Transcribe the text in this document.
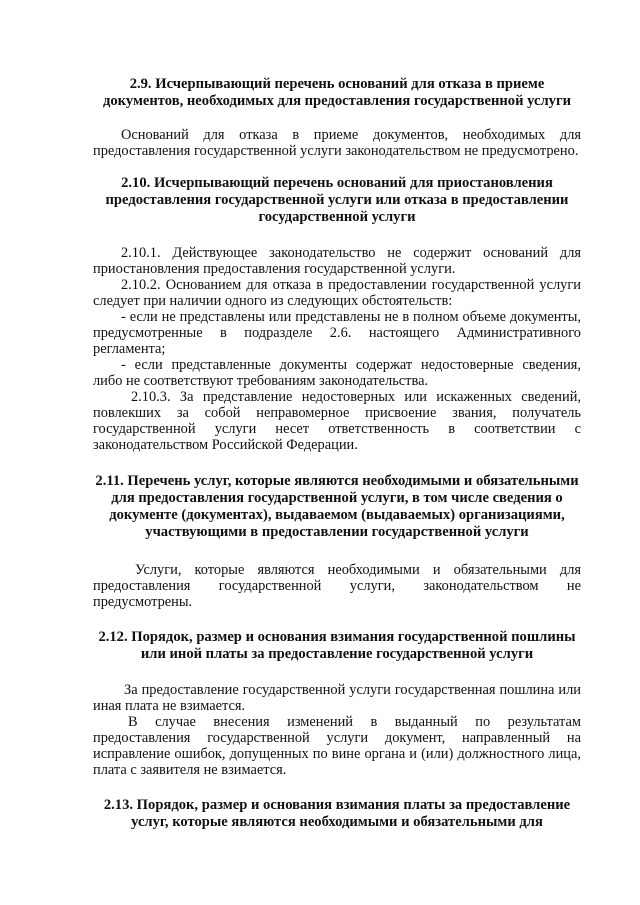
2.9. Исчерпывающий перечень оснований для отказа в приеме документов, необходимых для предоставления государственной услуги

Оснований для отказа в приеме документов, необходимых для предоставления государственной услуги законодательством не предусмотрено.

2.10. Исчерпывающий перечень оснований для приостановления предоставления государственной услуги или отказа в предоставлении государственной услуги

2.10.1. Действующее законодательство не содержит оснований для приостановления предоставления государственной услуги.

2.10.2. Основанием для отказа в предоставлении государственной услуги следует при наличии одного из следующих обстоятельств:

- если не представлены или представлены не в полном объеме документы, предусмотренные в подразделе 2.6. настоящего Административного регламента;

- если представленные документы содержат недостоверные сведения, либо не соответствуют требованиям законодательства.

2.10.3. За представление недостоверных или искаженных сведений, повлекших за собой неправомерное присвоение звания, получатель государственной услуги несет ответственность в соответствии с законодательством Российской Федерации.

2.11. Перечень услуг, которые являются необходимыми и обязательными для предоставления государственной услуги, в том числе сведения о документе (документах), выдаваемом (выдаваемых) организациями, участвующими в предоставлении государственной услуги

Услуги, которые являются необходимыми и обязательными для предоставления государственной услуги, законодательством не предусмотрены.

2.12. Порядок, размер и основания взимания государственной пошлины или иной платы за предоставление государственной услуги

За предоставление государственной услуги государственная пошлина или иная плата не взимается.

В случае внесения изменений в выданный по результатам предоставления государственной услуги документ, направленный на исправление ошибок, допущенных по вине органа и (или) должностного лица, плата с заявителя не взимается.

2.13. Порядок, размер и основания взимания платы за предоставление услуг, которые являются необходимыми и обязательными для
